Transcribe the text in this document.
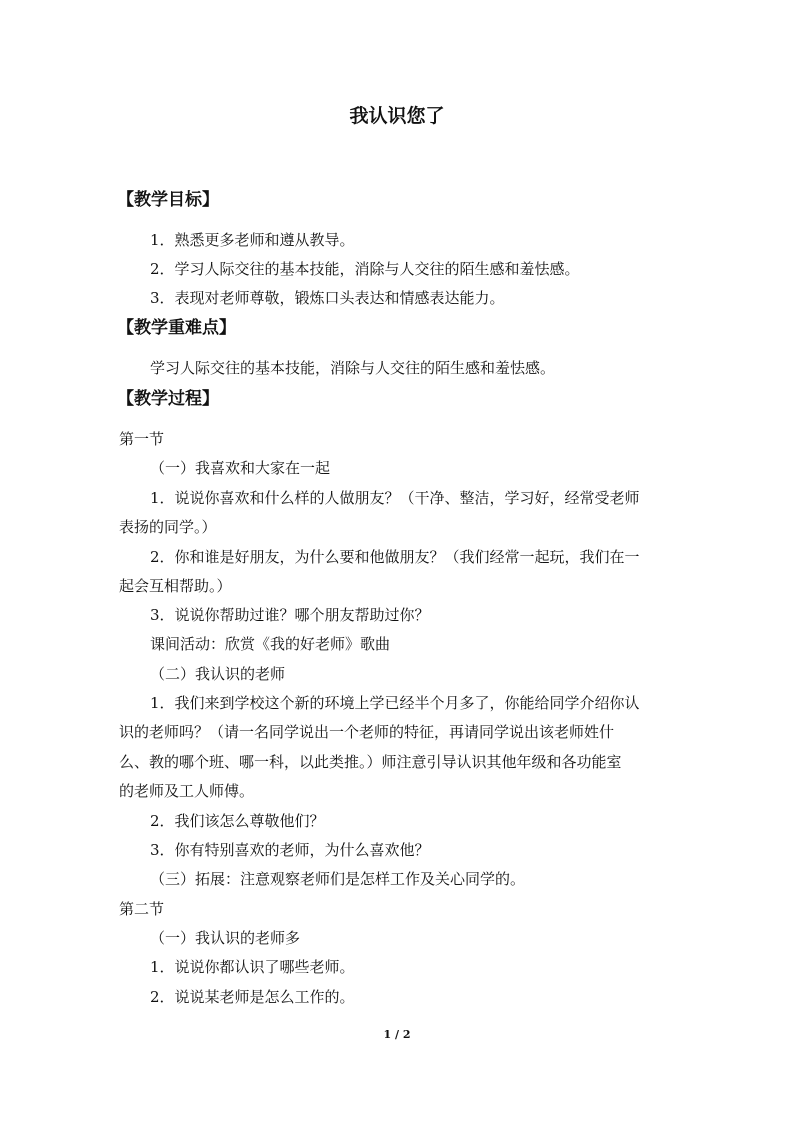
我认识您了
【教学目标】
1．熟悉更多老师和遵从教导。
2．学习人际交往的基本技能，消除与人交往的陌生感和羞怯感。
3．表现对老师尊敬，锻炼口头表达和情感表达能力。
【教学重难点】
学习人际交往的基本技能，消除与人交往的陌生感和羞怯感。
【教学过程】
第一节
（一）我喜欢和大家在一起
1．说说你喜欢和什么样的人做朋友？（干净、整洁，学习好，经常受老师
表扬的同学。）
2．你和谁是好朋友，为什么要和他做朋友？（我们经常一起玩，我们在一
起会互相帮助。）
3．说说你帮助过谁？哪个朋友帮助过你？
课间活动：欣赏《我的好老师》歌曲
（二）我认识的老师
1．我们来到学校这个新的环境上学已经半个月多了，你能给同学介绍你认
识的老师吗？（请一名同学说出一个老师的特征，再请同学说出该老师姓什
么、教的哪个班、哪一科，以此类推。）师注意引导认识其他年级和各功能室
的老师及工人师傅。
2．我们该怎么尊敬他们？
3．你有特别喜欢的老师，为什么喜欢他？
（三）拓展：注意观察老师们是怎样工作及关心同学的。
第二节
（一）我认识的老师多
1．说说你都认识了哪些老师。
2．说说某老师是怎么工作的。
1 / 2
